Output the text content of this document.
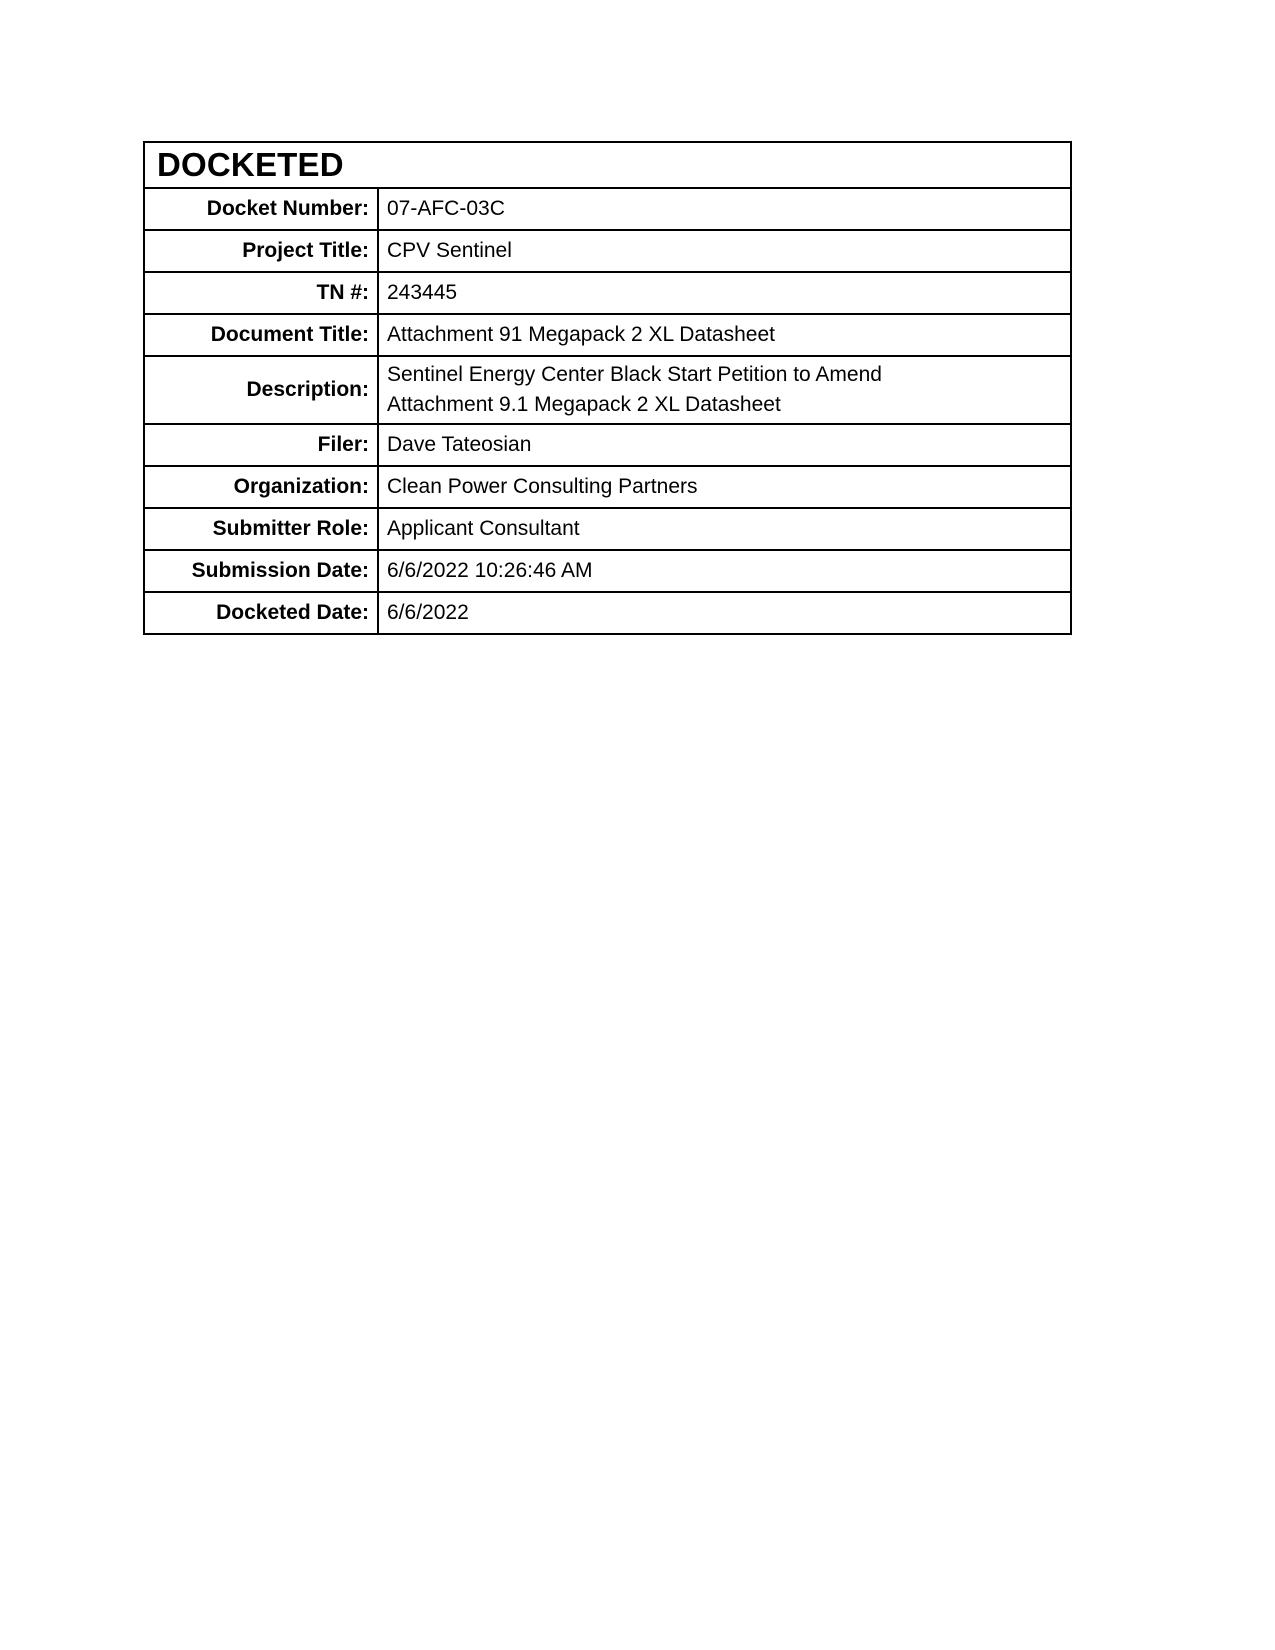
DOCKETED	

Docket Number:	07-AFC-03C

Project Title:	CPV Sentinel

TN #:	243445

Document Title:	Attachment 91 Megapack 2 XL Datasheet

Description:	Sentinel Energy Center Black Start Petition to Amend
Attachment 9.1 Megapack 2 XL Datasheet

Filer:	Dave Tateosian

Organization:	Clean Power Consulting Partners

Submitter Role:	Applicant Consultant

Submission Date:	6/6/2022 10:26:46 AM

Docketed Date:	6/6/2022
